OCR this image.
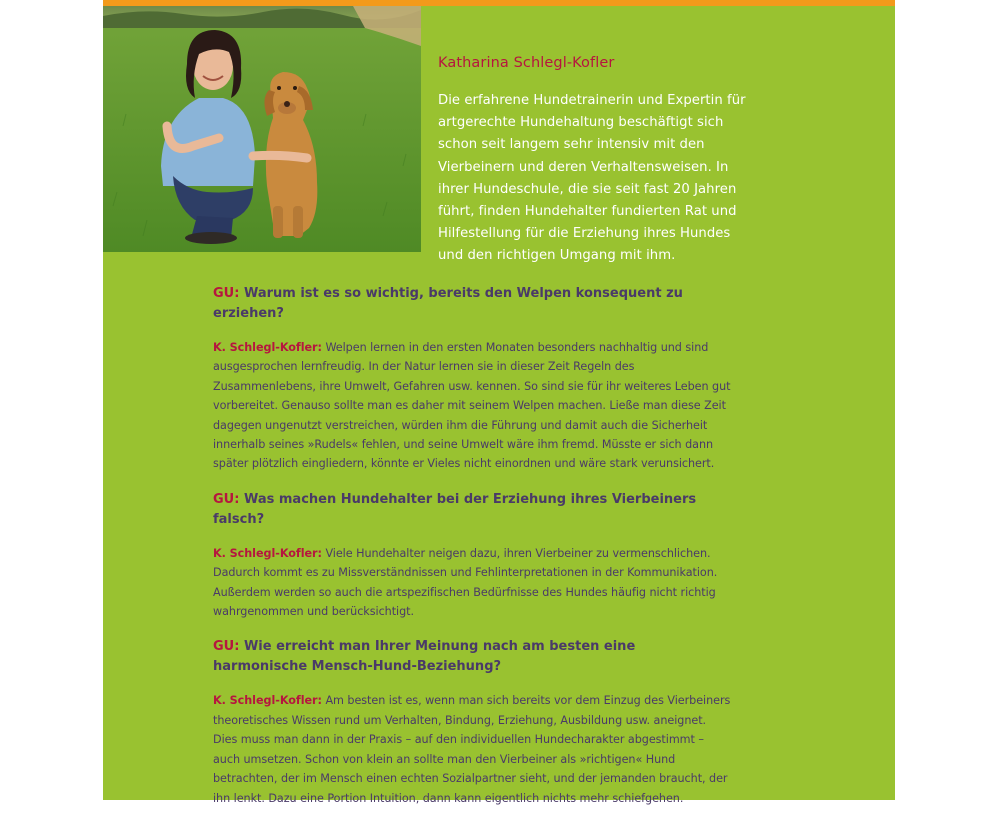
Katharina Schlegl-Kofler

Die erfahrene Hundetrainerin und Expertin für artgerechte Hundehaltung beschäftigt sich schon seit langem sehr intensiv mit den Vierbeinern und deren Verhaltensweisen. In ihrer Hundeschule, die sie seit fast 20 Jahren führt, finden Hundehalter fundierten Rat und Hilfestellung für die Erziehung ihres Hundes und den richtigen Umgang mit ihm.

GU: Warum ist es so wichtig, bereits den Welpen konsequent zu erziehen?

K. Schlegl-Kofler: Welpen lernen in den ersten Monaten besonders nachhaltig und sind ausgesprochen lernfreudig. In der Natur lernen sie in dieser Zeit Regeln des Zusammenlebens, ihre Umwelt, Gefahren usw. kennen. So sind sie für ihr weiteres Leben gut vorbereitet. Genauso sollte man es daher mit seinem Welpen machen. Ließe man diese Zeit dagegen ungenutzt verstreichen, würden ihm die Führung und damit auch die Sicherheit innerhalb seines »Rudels« fehlen, und seine Umwelt wäre ihm fremd. Müsste er sich dann später plötzlich eingliedern, könnte er Vieles nicht einordnen und wäre stark verunsichert.

GU: Was machen Hundehalter bei der Erziehung ihres Vierbeiners falsch?

K. Schlegl-Kofler: Viele Hundehalter neigen dazu, ihren Vierbeiner zu vermenschlichen. Dadurch kommt es zu Missverständnissen und Fehlinterpretationen in der Kommunikation. Außerdem werden so auch die artspezifischen Bedürfnisse des Hundes häufig nicht richtig wahrgenommen und berücksichtigt.

GU: Wie erreicht man Ihrer Meinung nach am besten eine harmonische Mensch-Hund-Beziehung?

K. Schlegl-Kofler: Am besten ist es, wenn man sich bereits vor dem Einzug des Vierbeiners theoretisches Wissen rund um Verhalten, Bindung, Erziehung, Ausbildung usw. aneignet. Dies muss man dann in der Praxis – auf den individuellen Hundecharakter abgestimmt – auch umsetzen. Schon von klein an sollte man den Vierbeiner als »richtigen« Hund betrachten, der im Mensch einen echten Sozialpartner sieht, und der jemanden braucht, der ihn lenkt. Dazu eine Portion Intuition, dann kann eigentlich nichts mehr schiefgehen.
